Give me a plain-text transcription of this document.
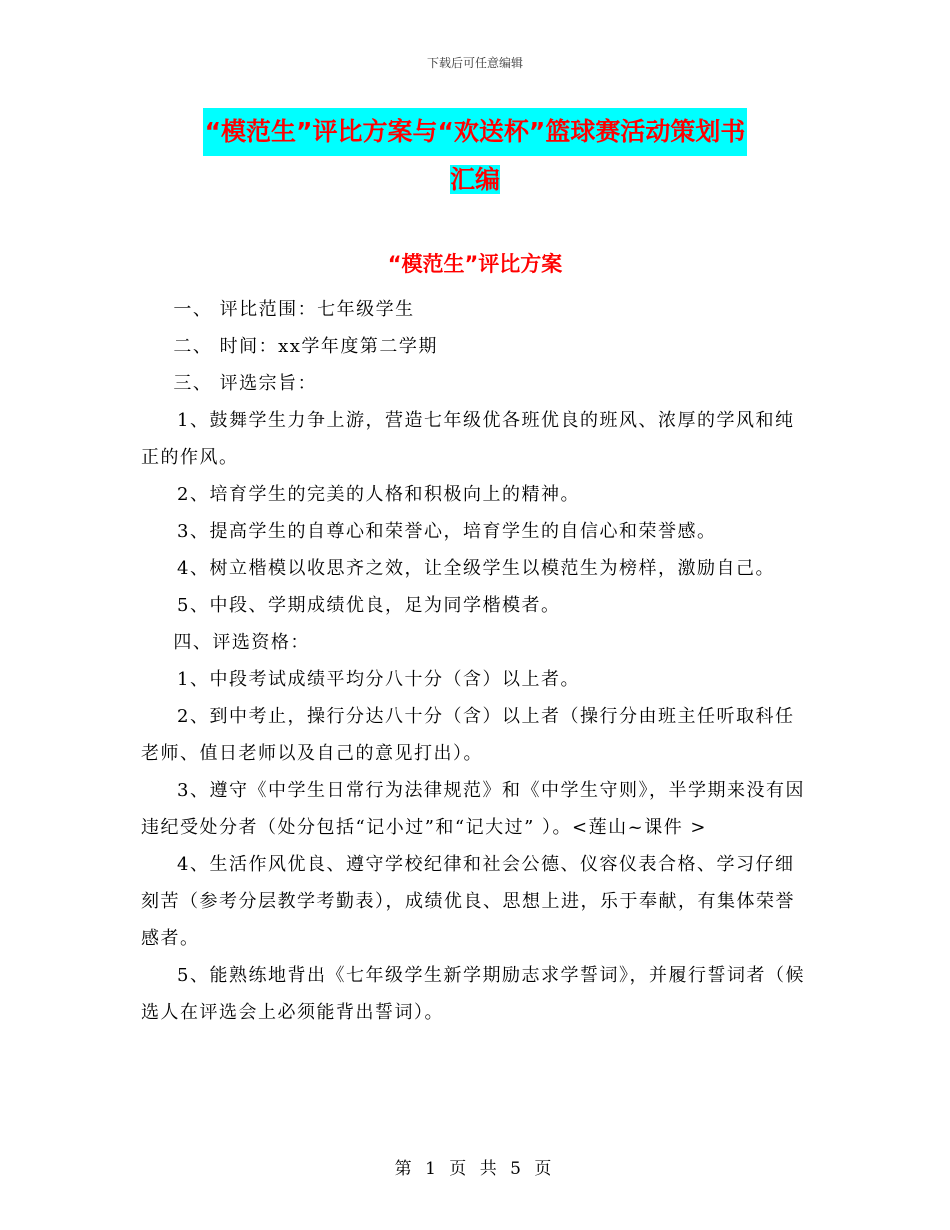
下载后可任意编辑
“模范生”评比方案与“欢送杯”篮球赛活动策划书
汇编
“模范生”评比方案

一、 评比范围：七年级学生

二、 时间：xx学年度第二学期

三、 评选宗旨：

1、鼓舞学生力争上游，营造七年级优各班优良的班风、浓厚的学风和纯正的作风。

2、培育学生的完美的人格和积极向上的精神。

3、提高学生的自尊心和荣誉心，培育学生的自信心和荣誉感。

4、树立楷模以收思齐之效，让全级学生以模范生为榜样，激励自己。

5、中段、学期成绩优良，足为同学楷模者。

四、评选资格：

1、中段考试成绩平均分八十分（含）以上者。

2、到中考止，操行分达八十分（含）以上者（操行分由班主任听取科任老师、值日老师以及自己的意见打出）。

3、遵守《中学生日常行为法律规范》和《中学生守则》，半学期来没有因违纪受处分者（处分包括“记小过”和“记大过” ）。<莲山~课件 >

4、生活作风优良、遵守学校纪律和社会公德、仪容仪表合格、学习仔细刻苦（参考分层教学考勤表），成绩优良、思想上进，乐于奉献，有集体荣誉感者。

5、能熟练地背出《七年级学生新学期励志求学誓词》，并履行誓词者（候选人在评选会上必须能背出誓词）。

第 1 页 共 5 页
